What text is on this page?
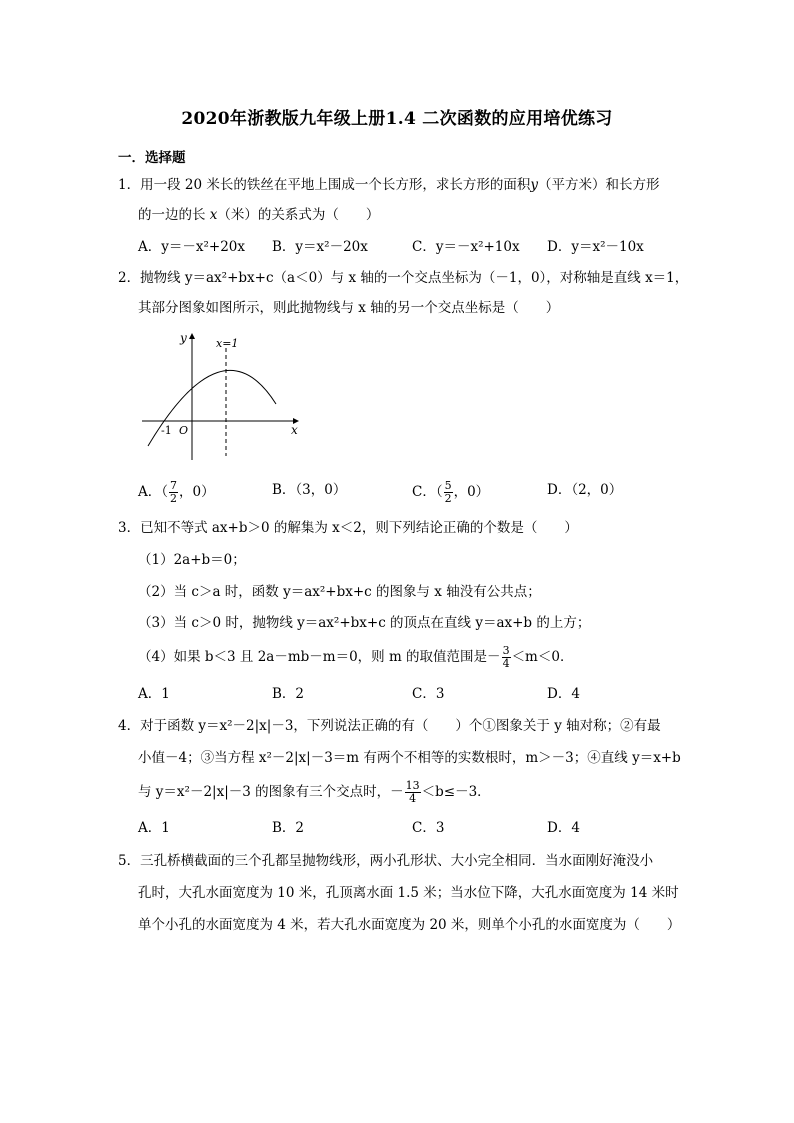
2020年浙教版九年级上册1.4 二次函数的应用培优练习
一．选择题
1．用一段 20 米长的铁丝在平地上围成一个长方形，求长方形的面积y（平方米）和长方形
的一边的长 x（米）的关系式为（　　）
A．y＝－x²+20x B．y＝x²－20x	C．y＝－x²+10x D．y＝x²－10x
2．抛物线 y＝ax²+bx+c（a＜0）与 x 轴的一个交点坐标为（－1，0），对称轴是直线 x＝1，
其部分图象如图所示，则此抛物线与 x 轴的另一个交点坐标是（　　）
y
x
x=1
-1 O
A．（ $\frac{7}{2}$ ，0）	B．（3，0）	C．（ $\frac{5}{2}$ ，0）	D．（2，0）
3．已知不等式 ax+b＞0 的解集为 x＜2，则下列结论正确的个数是（　　）
（1）2a+b＝0；
（2）当 c＞a 时，函数 y＝ax²+bx+c 的图象与 x 轴没有公共点；
（3）当 c＞0 时，抛物线 y＝ax²+bx+c 的顶点在直线 y＝ax+b 的上方；
（4）如果 b＜3 且 2a－mb－m＝0，则 m 的取值范围是－ $\frac{3}{4} <m<0$．
A．1	B．2	C．3	D．4
4．对于函数 y＝x²－2|x|－3，下列说法正确的有（　　）个①图象关于 y 轴对称；②有最
小值－4；③当方程 x²－2|x|－3＝m 有两个不相等的实数根时，m＞－3；④直线 y＝x+b
与 y＝x²－2|x|－3 的图象有三个交点时，－ $\frac{13}{4} <b\le-3$．
A．1	B．2	C．3	D．4
5．三孔桥横截面的三个孔都呈抛物线形，两小孔形状、大小完全相同．当水面刚好淹没小
孔时，大孔水面宽度为 10 米，孔顶离水面 1.5 米；当水位下降，大孔水面宽度为 14 米时
单个小孔的水面宽度为 4 米，若大孔水面宽度为 20 米，则单个小孔的水面宽度为（　　）
